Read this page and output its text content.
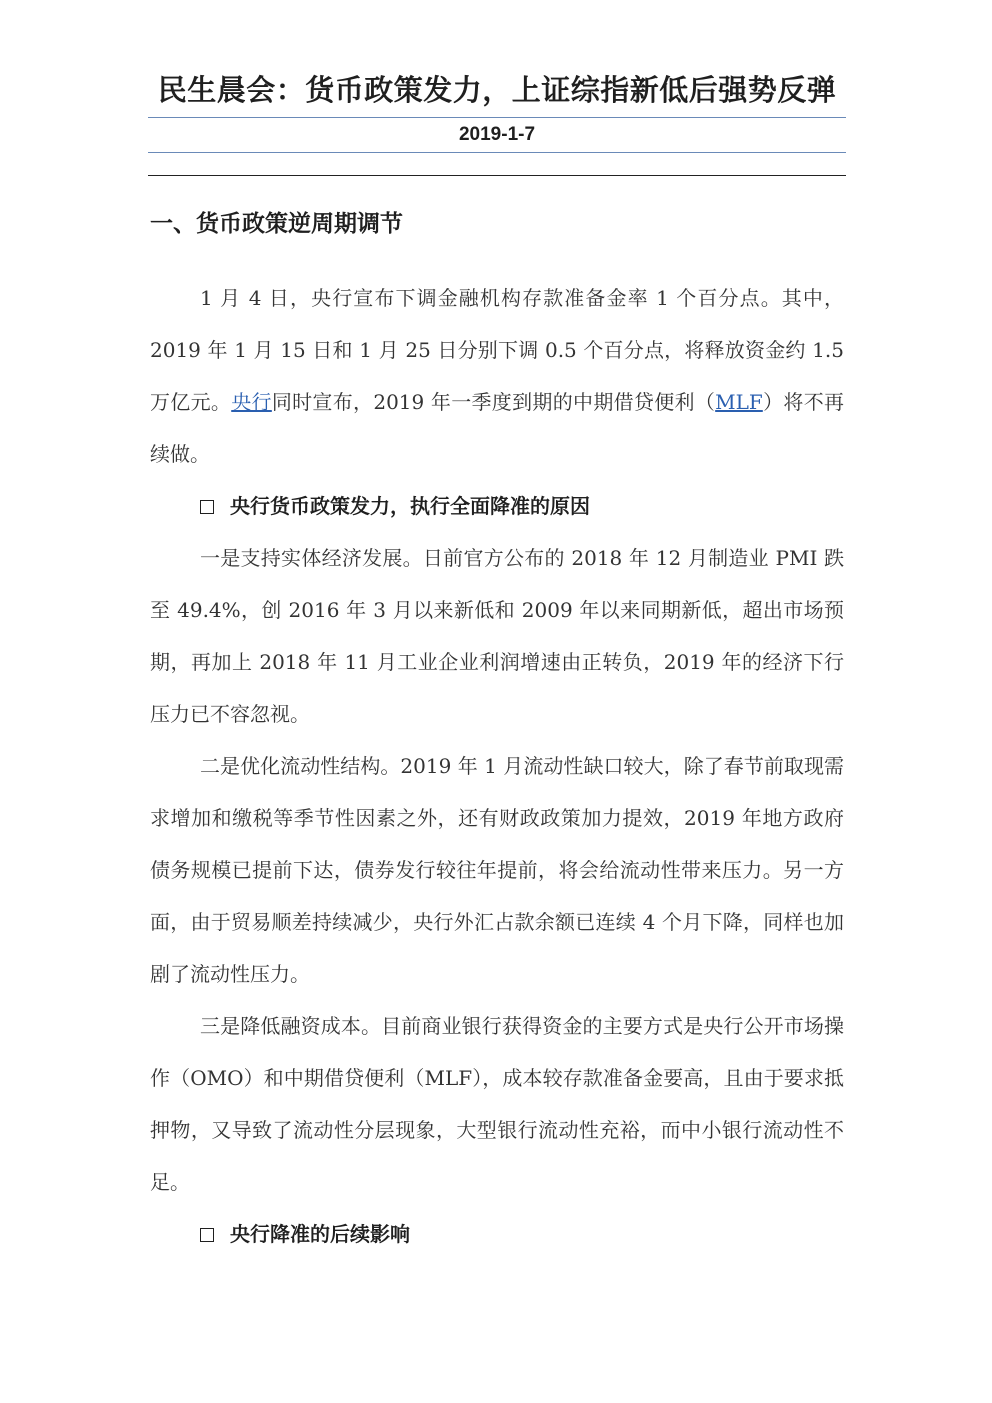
民生晨会：货币政策发力，上证综指新低后强势反弹
2019-1-7
一、货币政策逆周期调节

1 月 4 日，央行宣布下调金融机构存款准备金率 1 个百分点。其中，2019 年 1 月 15 日和 1 月 25 日分别下调 0.5 个百分点，将释放资金约 1.5 万亿元。央行同时宣布，2019 年一季度到期的中期借贷便利（MLF）将不再续做。

央行货币政策发力，执行全面降准的原因

一是支持实体经济发展。日前官方公布的 2018 年 12 月制造业 PMI 跌至 49.4%，创 2016 年 3 月以来新低和 2009 年以来同期新低，超出市场预期，再加上 2018 年 11 月工业企业利润增速由正转负，2019 年的经济下行压力已不容忽视。

二是优化流动性结构。2019 年 1 月流动性缺口较大，除了春节前取现需求增加和缴税等季节性因素之外，还有财政政策加力提效，2019 年地方政府债务规模已提前下达，债券发行较往年提前，将会给流动性带来压力。另一方面，由于贸易顺差持续减少，央行外汇占款余额已连续 4 个月下降，同样也加剧了流动性压力。

三是降低融资成本。目前商业银行获得资金的主要方式是央行公开市场操作（OMO）和中期借贷便利（MLF），成本较存款准备金要高，且由于要求抵押物，又导致了流动性分层现象，大型银行流动性充裕，而中小银行流动性不足。

央行降准的后续影响
